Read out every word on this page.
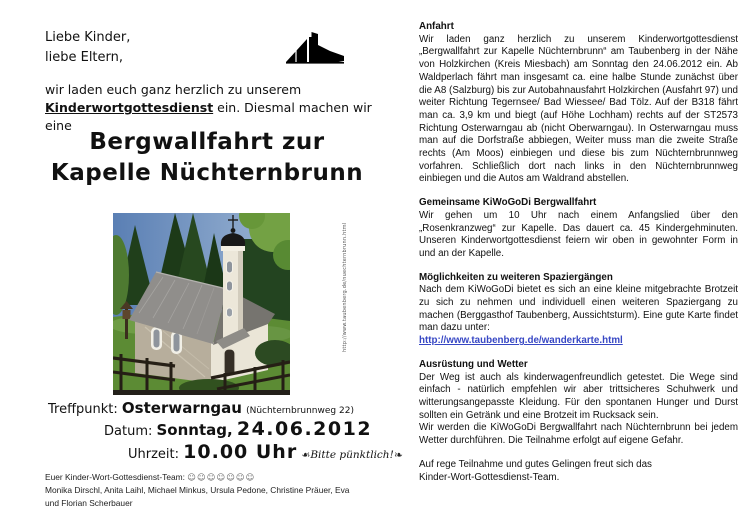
Liebe Kinder,
liebe Eltern,
wir laden euch ganz herzlich zu unserem
Kinderwortgottesdienst ein. Diesmal machen wir eine
Bergwallfahrt zur
Kapelle Nüchternbrunn
http://www.taubenberg.de/nuechternbrunn.html
Treffpunkt: Osterwarngau (Nüchternbrunnweg 22)
Datum: Sonntag, 24.06.2012
Uhrzeit: 10.00 Uhr ☙Bitte pünktlich!☙
Euer Kinder-Wort-Gottesdienst-Team: ☺☺☺☺☺☺☺
Monika Dirschl, Anita Laihl, Michael Minkus, Ursula Pedone, Christine Präuer, Eva
und Florian Scherbauer
Anfahrt

Wir laden ganz herzlich zu unserem Kinderwortgottesdienst „Bergwallfahrt zur Kapelle Nüchternbrunn“ am Taubenberg in der Nähe von Holzkirchen (Kreis Miesbach) am Sonntag den 24.06.2012 ein. Ab Waldperlach fährt man insgesamt ca. eine halbe Stunde zunächst über die A8 (Salzburg) bis zur Autobahnausfahrt Holzkirchen (Ausfahrt 97) und weiter Richtung Tegernsee/ Bad Wiessee/ Bad Tölz. Auf der B318 fährt man ca. 3,9 km und biegt (auf Höhe Lochham) rechts auf der ST2573 Richtung Osterwarngau ab (nicht Oberwarngau). In Osterwarngau muss man auf die Dorfstraße abbiegen, Weiter muss man die zweite Straße rechts (Am Moos) einbiegen und diese bis zum Nüchternbrunnweg vorfahren. Schließlich dort nach links in den Nüchternbrunnweg einbiegen und die Autos am Waldrand abstellen.

Gemeinsame KiWoGoDi Bergwallfahrt

Wir gehen um 10 Uhr nach einem Anfangslied über den „Rosenkranzweg“ zur Kapelle. Das dauert ca. 45 Kindergehminuten. Unseren Kinderwortgottesdienst feiern wir oben in gewohnter Form in und an der Kapelle.

Möglichkeiten zu weiteren Spaziergängen

Nach dem KiWoGoDi bietet es sich an eine kleine mitgebrachte Brotzeit zu sich zu nehmen und individuell einen weiteren Spaziergang zu machen (Berggasthof Taubenberg, Aussichtsturm). Eine gute Karte findet man dazu unter:

http://www.taubenberg.de/wanderkarte.html
Ausrüstung und Wetter

Der Weg ist auch als kinderwagenfreundlich getestet. Die Wege sind einfach - natürlich empfehlen wir aber trittsicheres Schuhwerk und witterungsangepasste Kleidung. Für den spontanen Hunger und Durst sollten ein Getränk und eine Brotzeit im Rucksack sein.

Wir werden die KiWoGoDi Bergwallfahrt nach Nüchternbrunn bei jedem Wetter durchführen. Die Teilnahme erfolgt auf eigene Gefahr.

Auf rege Teilnahme und gutes Gelingen freut sich das
Kinder-Wort-Gottesdienst-Team.
